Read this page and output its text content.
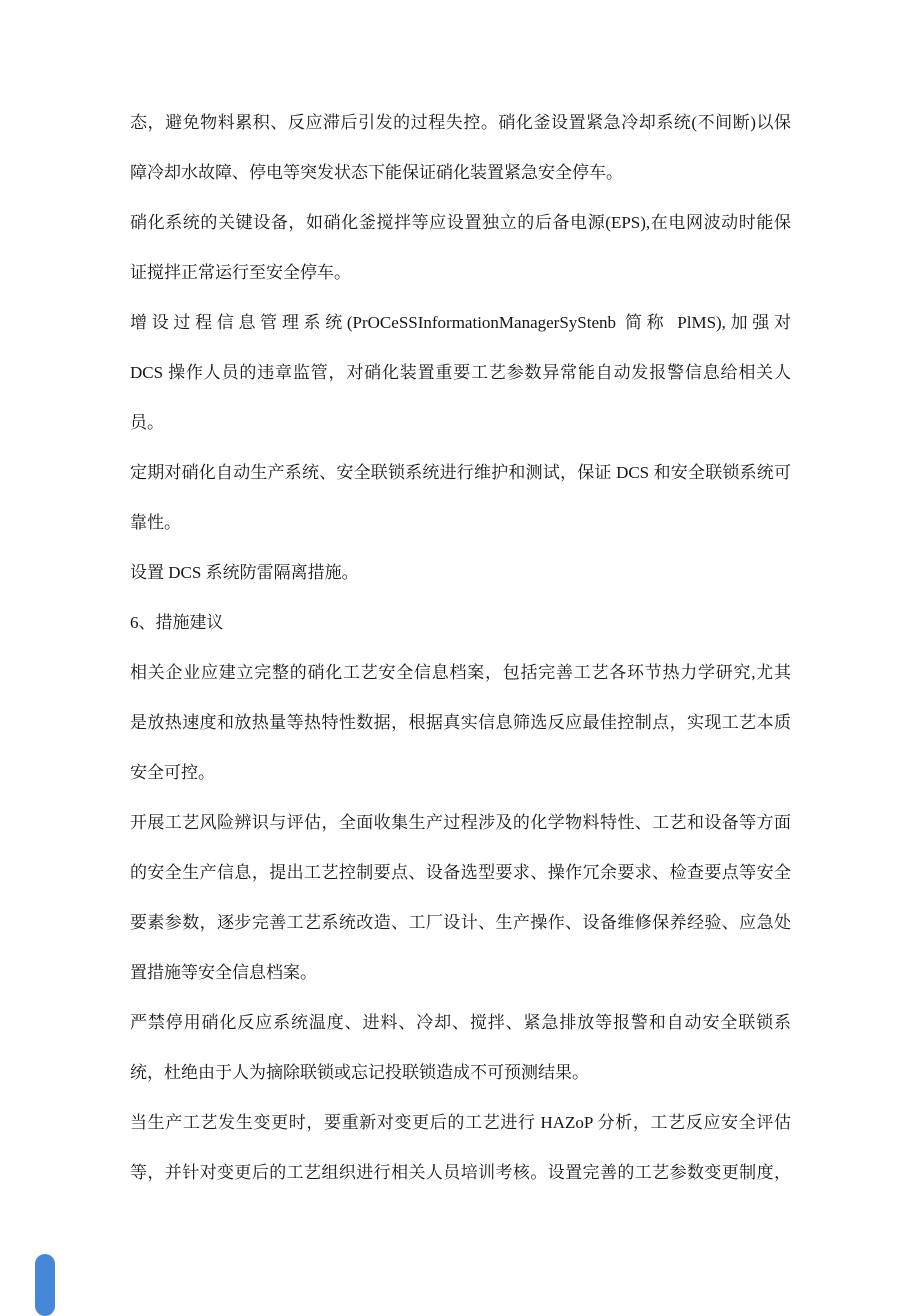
态，避免物料累积、反应滞后引发的过程失控。硝化釜设置紧急冷却系统(不间断)以保
障冷却水故障、停电等突发状态下能保证硝化装置紧急安全停车。
硝化系统的关键设备，如硝化釜搅拌等应设置独立的后备电源(EPS),在电网波动时能保
证搅拌正常运行至安全停车。
增设过程信息管理系统(PrOCeSSInformationManagerSyStenb 简称 PlMS),加强对
DCS 操作人员的违章监管，对硝化装置重要工艺参数异常能自动发报警信息给相关人
员。
定期对硝化自动生产系统、安全联锁系统进行维护和测试，保证 DCS 和安全联锁系统可
靠性。
设置 DCS 系统防雷隔离措施。
6、措施建议
相关企业应建立完整的硝化工艺安全信息档案，包括完善工艺各环节热力学研究,尤其
是放热速度和放热量等热特性数据，根据真实信息筛选反应最佳控制点，实现工艺本质
安全可控。
开展工艺风险辨识与评估，全面收集生产过程涉及的化学物料特性、工艺和设备等方面
的安全生产信息，提出工艺控制要点、设备选型要求、操作冗余要求、检查要点等安全
要素参数，逐步完善工艺系统改造、工厂设计、生产操作、设备维修保养经验、应急处
置措施等安全信息档案。
严禁停用硝化反应系统温度、进料、冷却、搅拌、紧急排放等报警和自动安全联锁系
统，杜绝由于人为摘除联锁或忘记投联锁造成不可预测结果。
当生产工艺发生变更时，要重新对变更后的工艺进行 HAZoP 分析，工艺反应安全评估
等，并针对变更后的工艺组织进行相关人员培训考核。设置完善的工艺参数变更制度，
